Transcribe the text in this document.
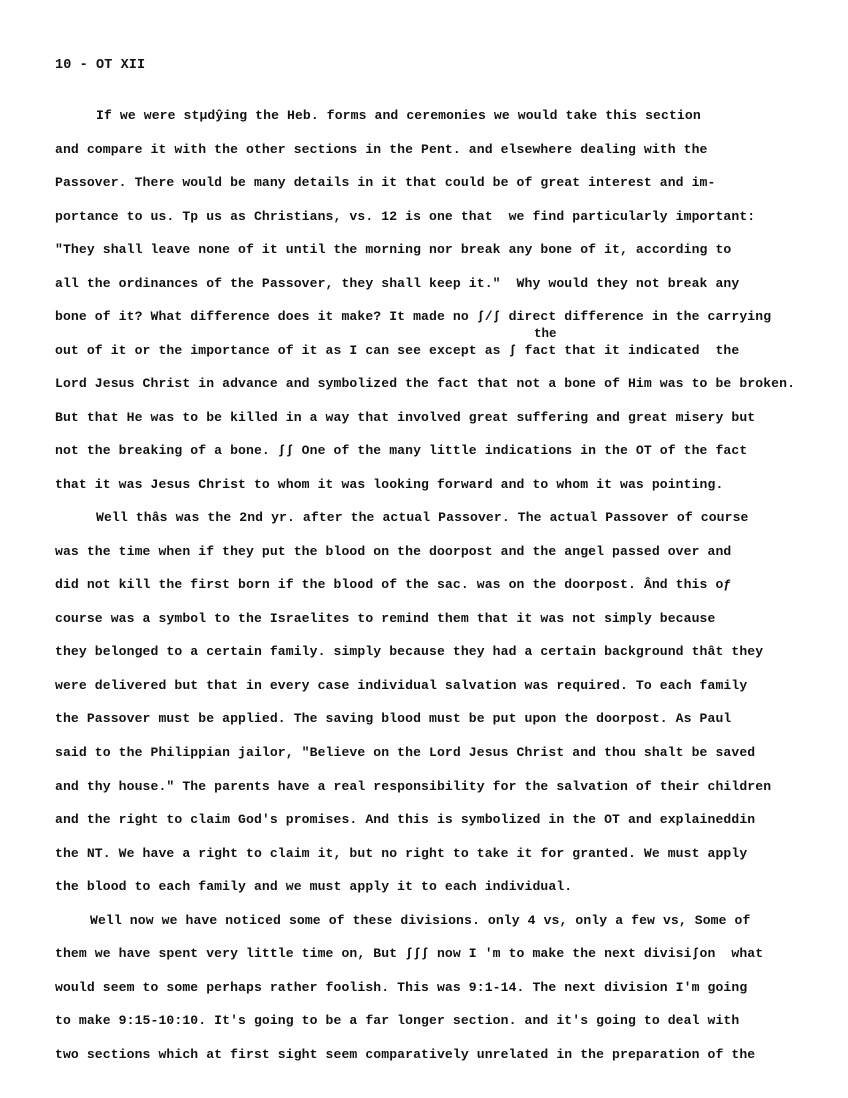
10 - OT XII
If we were stμdŷing the Heb. forms and ceremonies we would take this section
and compare it with the other sections in the Pent. and elsewhere dealing with the
Passover. There would be many details in it that could be of great interest and im-
portance to us. Tp us as Christians, vs. 12 is one that  we find particularly important:
"They shall leave none of it until the morning nor break any bone of it, according to
all the ordinances of the Passover, they shall keep it."  Why would they not break any
bone of it? What difference does it make? It made no ʃ/ʃ direct difference in the carrying
the
out of it or the importance of it as I can see except as ʃ fact that it indicated  the
Lord Jesus Christ in advance and symbolized the fact that not a bone of Him was to be broken.
But that He was to be killed in a way that involved great suffering and great misery but
not the breaking of a bone. ʃʃ One of the many little indications in the OT of the fact
that it was Jesus Christ to whom it was looking forward and to whom it was pointing.
Well thâs was the 2nd yr. after the actual Passover. The actual Passover of course
was the time when if they put the blood on the doorpost and the angel passed over and
did not kill the first born if the blood of the sac. was on the doorpost. Ând this oƒ
course was a symbol to the Israelites to remind them that it was not simply because
they belonged to a certain family. simply because they had a certain background thât they
were delivered but that in every case individual salvation was required. To each family
the Passover must be applied. The saving blood must be put upon the doorpost. As Paul
said to the Philippian jailor, "Believe on the Lord Jesus Christ and thou shalt be saved
and thy house." The parents have a real responsibility for the salvation of their children
and the right to claim God's promises. And this is symbolized in the OT and explaineddin
the NT. We have a right to claim it, but no right to take it for granted. We must apply
the blood to each family and we must apply it to each individual.
Well now we have noticed some of these divisions. only 4 vs, only a few vs, Some of
them we have spent very little time on, But ʃʃʃ now I 'm to make the next divisiʃon  what
would seem to some perhaps rather foolish. This was 9:1-14. The next division I'm going
to make 9:15-10:10. It's going to be a far longer section. and it's going to deal with
two sections which at first sight seem comparatively unrelated in the preparation of the
